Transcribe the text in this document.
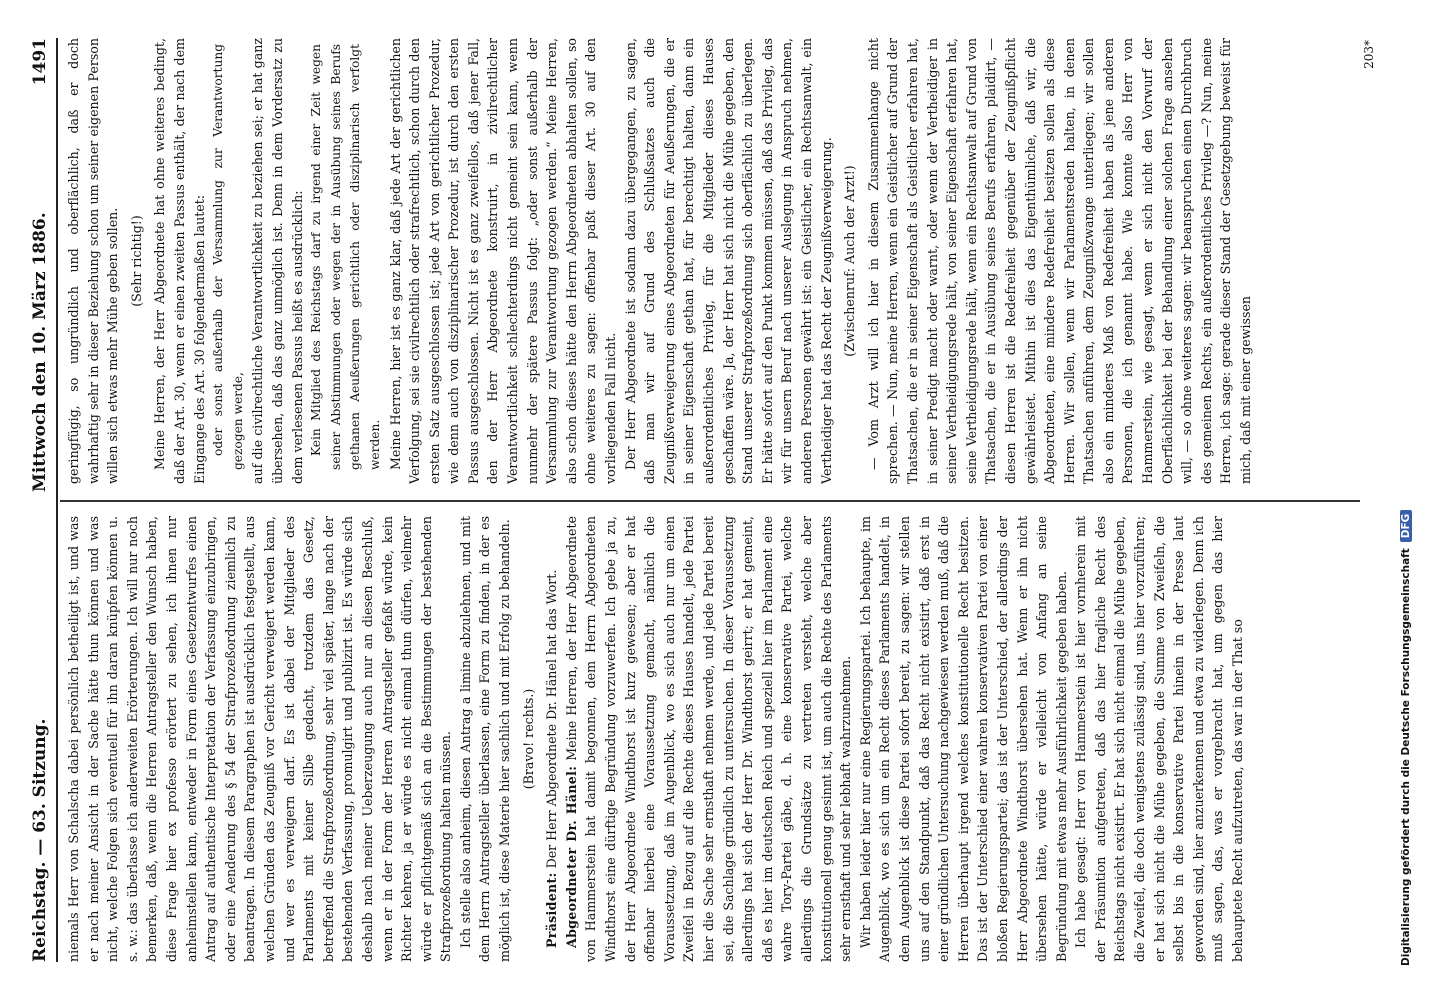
Reichstag. — 63. Sitzung.
Mittwoch den 10. März 1886.
1491

niemals Herr von Schalscha dabei persönlich betheiligt ist, und was er nach meiner Ansicht in der Sache hätte thun können und was nicht, welche Folgen sich eventuell für ihn daran knüpfen können u. s. w.: das überlasse ich anderweiten Erörterungen. Ich will nur noch bemerken, daß, wenn die Herren Antragsteller den Wunsch haben, diese Frage hier ex professo erörtert zu sehen, ich ihnen nur anheimstellen kann, entweder in Form eines Gesetzentwurfes einen Antrag auf authentische Interpretation der Verfassung einzubringen, oder eine Aenderung des § 54 der Strafprozeßordnung ziemlich zu beantragen. In diesem Paragraphen ist ausdrücklich festgestellt, aus welchen Gründen das Zeugniß vor Gericht verweigert werden kann, und wer es verweigern darf. Es ist dabei der Mitglieder des Parlaments mit keiner Silbe gedacht, trotzdem das Gesetz, betreffend die Strafprozeßordnung, sehr viel später, lange nach der bestehenden Verfassung, promulgirt und publizirt ist. Es würde sich deshalb nach meiner Ueberzeugung auch nur an diesen Beschluß, wenn er in der Form der Herren Antragsteller gefaßt würde, kein Richter kehren, ja er würde es nicht einmal thun dürfen, vielmehr würde er pflichtgemäß sich an die Bestimmungen der bestehenden Strafprozeßordnung halten müssen. Ich stelle also anheim, diesen Antrag a limine abzulehnen, und mit dem Herrn Antragsteller überlassen, eine Form zu finden, in der es möglich ist, diese Materie hier sachlich und mit Erfolg zu behandeln. (Bravo! rechts.)

Präsident: Der Herr Abgeordnete Dr. Hänel hat das Wort. Abgeordneter Dr. Hänel: Meine Herren, der Herr Abgeordnete von Hammerstein hat damit begonnen, dem Herrn Abgeordneten Windthorst eine dürftige Begründung vorzuwerfen. Ich gebe ja zu, der Herr Abgeordnete Windthorst ist kurz gewesen; aber er hat offenbar hierbei eine Voraussetzung gemacht, nämlich die Voraussetzung, daß im Augenblick, wo es sich auch nur um einen Zweifel in Bezug auf die Rechte dieses Hauses handelt, jede Partei hier die Sache sehr ernsthaft nehmen werde, und jede Partei bereit sei, die Sachlage gründlich zu untersuchen. In dieser Voraussetzung allerdings hat sich der Herr Dr. Windthorst geirrt; er hat gemeint, daß es hier im deutschen Reich und speziell hier im Parlament eine wahre Tory-Partei gäbe, d. h. eine konservative Partei, welche allerdings die Grundsätze zu vertreten versteht, welche aber konstitutionell genug gesinnt ist, um auch die Rechte des Parlaments sehr ernsthaft und sehr lebhaft wahrzunehmen. Wir haben leider hier nur eine Regierungspartei. Ich behaupte, im Augenblick, wo es sich um ein Recht dieses Parlaments handelt, in dem Augenblick ist diese Partei sofort bereit, zu sagen: wir stellen uns auf den Standpunkt, daß das Recht nicht existirt, daß erst in einer gründlichen Untersuchung nachgewiesen werden muß, daß die Herren überhaupt irgend welches konstitutionelle Recht besitzen. Das ist der Unterschied einer wahren konservativen Partei von einer bloßen Regierungspartei; das ist der Unterschied, der allerdings der Herr Abgeordnete Windthorst übersehen hat. Wenn er ihn nicht übersehen hätte, würde er vielleicht von Anfang an seine Begründung mit etwas mehr Ausführlichkeit gegeben haben. Ich habe gesagt: Herr von Hammerstein ist hier vornherein mit der Präsumtion aufgetreten, daß das hier fragliche Recht des Reichstags nicht existirt. Er hat sich nicht einmal die Mühe gegeben, die Zweifel, die doch wenigstens zulässig sind, uns hier vorzuführen; er hat sich nicht die Mühe gegeben, die Summe von Zweifeln, die selbst bis in die konservative Partei hinein in der Presse laut geworden sind, hier anzuerkennen und etwa zu widerlegen. Denn ich muß sagen, das, was er vorgebracht hat, um gegen das hier behauptete Recht aufzutreten, das war in der That so

geringfügig, so ungründlich und oberflächlich, daß er doch wahrhaftig sehr in dieser Beziehung schon um seiner eigenen Person willen sich etwas mehr Mühe geben sollen. (Sehr richtig!) Meine Herren, der Herr Abgeordnete hat ohne weiteres bedingt, daß der Art. 30, wenn er einen zweiten Passus enthält, der nach dem Eingange des Art. 30 folgendermaßen lautet: oder sonst außerhalb der Versammlung zur Verantwortung gezogen werde, auf die civilrechtliche Verantwortlichkeit zu beziehen sei; er hat ganz übersehen, daß das ganz unmöglich ist. Denn in dem Vordersatz zu dem verlesenen Passus heißt es ausdrücklich: Kein Mitglied des Reichstags darf zu irgend einer Zeit wegen seiner Abstimmungen oder wegen der in Ausübung seines Berufs gethanen Aeußerungen gerichtlich oder disziplinarisch verfolgt werden. Meine Herren, hier ist es ganz klar, daß jede Art der gerichtlichen Verfolgung, sei sie civilrechtlich oder strafrechtlich, schon durch den ersten Satz ausgeschlossen ist; jede Art von gerichtlicher Prozedur, wie denn auch von disziplinarischer Prozedur, ist durch den ersten Passus ausgeschlossen. Nicht ist es ganz zweifellos, daß jener Fall, den der Herr Abgeordnete konstruirt, in zivilrechtlicher Verantwortlichkeit schlechterdings nicht gemeint sein kann, wenn nunmehr der spätere Passus folgt: „oder sonst außerhalb der Versammlung zur Verantwortung gezogen werden.“ Meine Herren, also schon dieses hätte den Herrn Abgeordneten abhalten sollen, so ohne weiteres zu sagen: offenbar paßt dieser Art. 30 auf den vorliegenden Fall nicht. Der Herr Abgeordnete ist sodann dazu übergegangen, zu sagen, daß man wir auf Grund des Schlußsatzes auch die Zeugnißverweigerung eines Abgeordneten für Aeußerungen, die er in seiner Eigenschaft gethan hat, für berechtigt halten, dann ein außerordentliches Privileg, für die Mitglieder dieses Hauses geschaffen wäre. Ja, der Herr hat sich nicht die Mühe gegeben, den Stand unserer Strafprozeßordnung sich oberflächlich zu überlegen. Er hätte sofort auf den Punkt kommen müssen, daß das Privileg, das wir für unsern Beruf nach unserer Auslegung in Anspruch nehmen, anderen Personen gewährt ist: ein Geistlicher, ein Rechtsanwalt, ein Vertheidiger hat das Recht der Zeugnißverweigerung. (Zwischenruf: Auch der Arzt!) — Vom Arzt will ich hier in diesem Zusammenhange nicht sprechen. — Nun, meine Herren, wenn ein Geistlicher auf Grund der Thatsachen, die er in seiner Eigenschaft als Geistlicher erfahren hat, in seiner Predigt macht oder warnt, oder wenn der Vertheidiger in seiner Vertheidigungsrede hält, von seiner Eigenschaft erfahren hat, seine Vertheidigungsrede hält, wenn ein Rechtsanwalt auf Grund von Thatsachen, die er in Ausübung seines Berufs erfahren, plaidirt, — diesen Herren ist die Redefreiheit gegenüber der Zeugnißpflicht gewährleistet. Mithin ist dies das Eigenthümliche, daß wir, die Abgeordneten, eine mindere Redefreiheit besitzen sollen als diese Herren. Wir sollen, wenn wir Parlamentsreden halten, in denen Thatsachen anführen, dem Zeugnißzwange unterliegen; wir sollen also ein minderes Maß von Redefreiheit haben als jene anderen Personen, die ich genannt habe. Wie konnte also Herr von Hammerstein, wie gesagt, wenn er sich nicht den Vorwurf der Oberflächlichkeit bei der Behandlung einer solchen Frage ansehen will, — so ohne weiteres sagen: wir beanspruchen einen Durchbruch des gemeinen Rechts, ein außerordentliches Privileg —? Nun, meine Herren, ich sage: gerade dieser Stand der Gesetzgebung beweist für mich, daß mit einer gewissen

203*
Digitalisierung gefördert durch die Deutsche ForschungsgemeinschaftDFG
